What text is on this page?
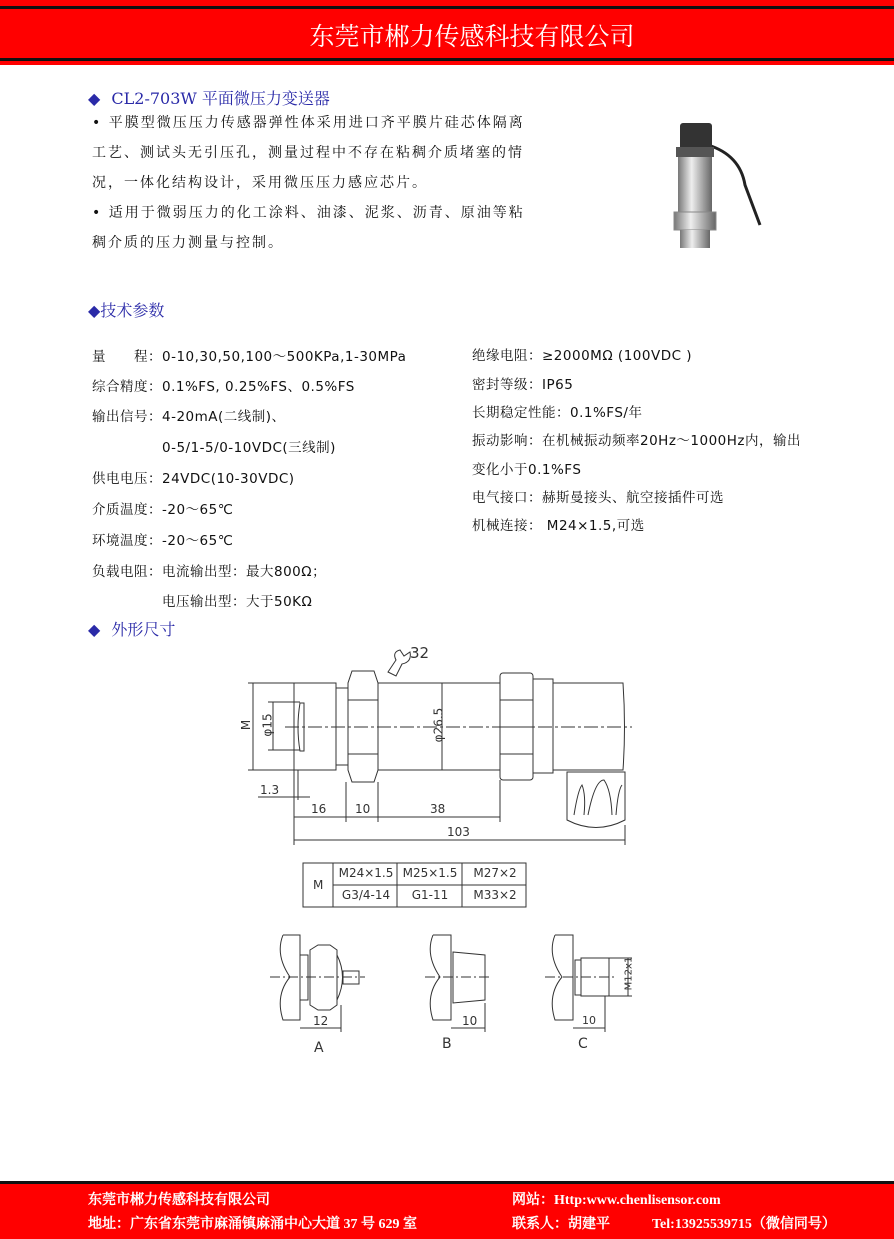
东莞市郴力传感科技有限公司
◆ CL2-703W 平面微压力变送器

• 平膜型微压压力传感器弹性体采用进口齐平膜片硅芯体隔离

工艺、测试头无引压孔，测量过程中不存在粘稠介质堵塞的情

况，一体化结构设计，采用微压压力感应芯片。

• 适用于微弱压力的化工涂料、油漆、泥浆、沥青、原油等粘

稠介质的压力测量与控制。

◆技术参数
◆ 外形尺寸
东莞市郴力传感科技有限公司	网站：Http:www.chenlisensor.com
地址：广东省东莞市麻涌镇麻涌中心大道 37 号 629 室	联系人：胡建平	Tel:13925539715（微信同号）
量　　程：0-10,30,50,100～500KPa,1-30MPa
综合精度：0.1%FS, 0.25%FS、0.5%FS
输出信号：4-20mA(二线制)、
　　　　　0-5/1-5/0-10VDC(三线制)
供电电压：24VDC(10-30VDC)
介质温度：-20～65℃
环境温度：-20～65℃
负载电阻：电流输出型：最大800Ω；
　　　　　电压输出型：大于50KΩ
绝缘电阻：≥2000MΩ (100VDC )
密封等级：IP65
长期稳定性能：0.1%FS/年
振动影响：在机械振动频率20Hz～1000Hz内，输出
变化小于0.1%FS
电气接口：赫斯曼接头、航空接插件可选
机械连接： M24×1.5,可选
32
M φ15	φ26.5
1.3
16 10	38
103
M
M24×1.5 M25×1.5	M27×2
G3/4-14	G1-11	M33×2
12	10	10
M12x1
A	B	C
